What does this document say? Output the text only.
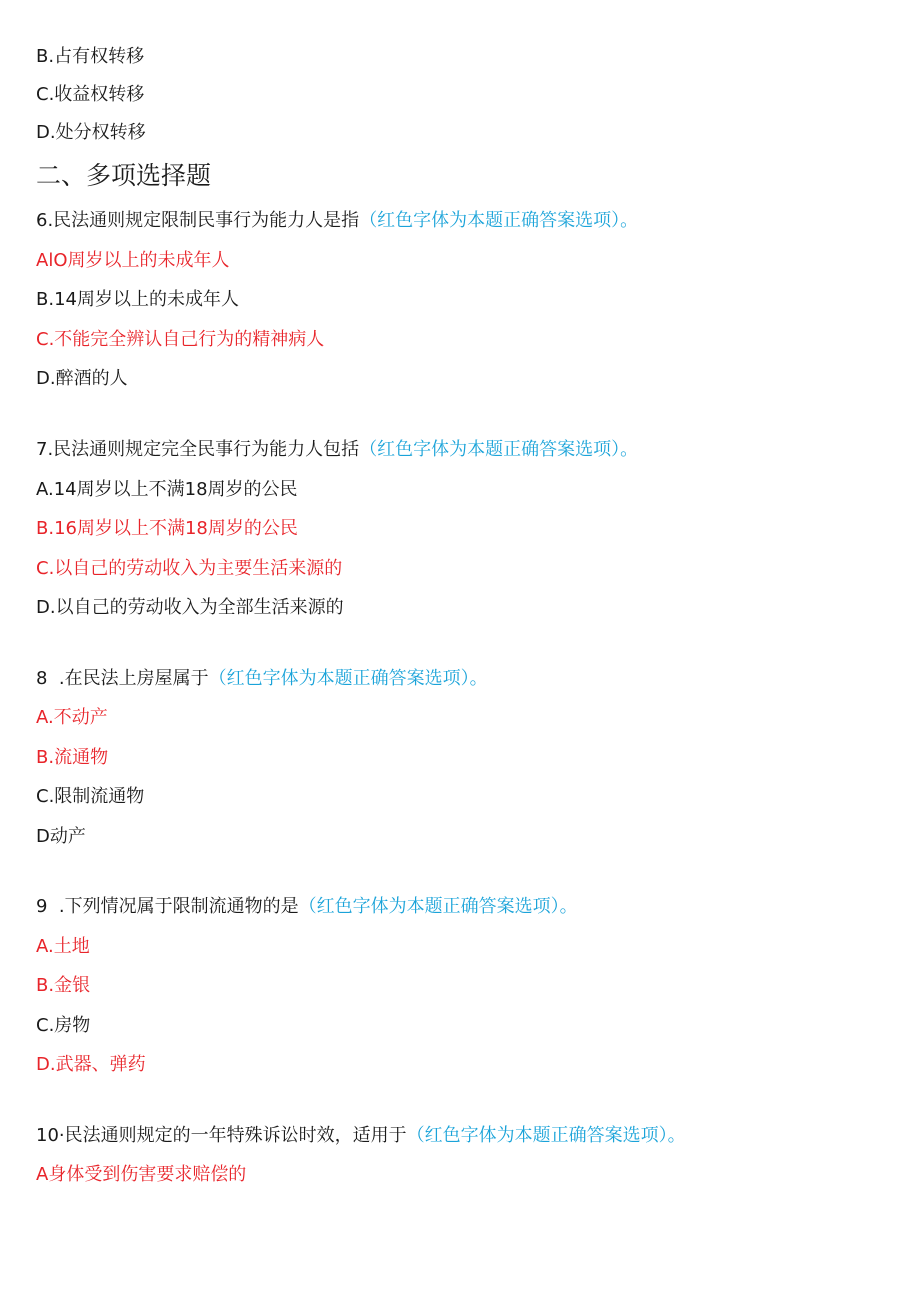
B.占有权转移

C.收益权转移

D.处分权转移

二、多项选择题

6.民法通则规定限制民事行为能力人是指（红色字体为本题正确答案选项）。

AlO周岁以上的未成年人

B.14周岁以上的未成年人

C.不能完全辨认自己行为的精神病人

D.醉酒的人

7.民法通则规定完全民事行为能力人包括（红色字体为本题正确答案选项）。

A.14周岁以上不满18周岁的公民

B.16周岁以上不满18周岁的公民

C.以自己的劳动收入为主要生活来源的

D.以自己的劳动收入为全部生活来源的

8  .在民法上房屋属于（红色字体为本题正确答案选项）。

A.不动产

B.流通物

C.限制流通物

D动产

9  .下列情况属于限制流通物的是（红色字体为本题正确答案选项）。

A.土地

B.金银

C.房物

D.武器、弹药

10·民法通则规定的一年特殊诉讼时效，适用于（红色字体为本题正确答案选项）。

A身体受到伤害要求赔偿的
